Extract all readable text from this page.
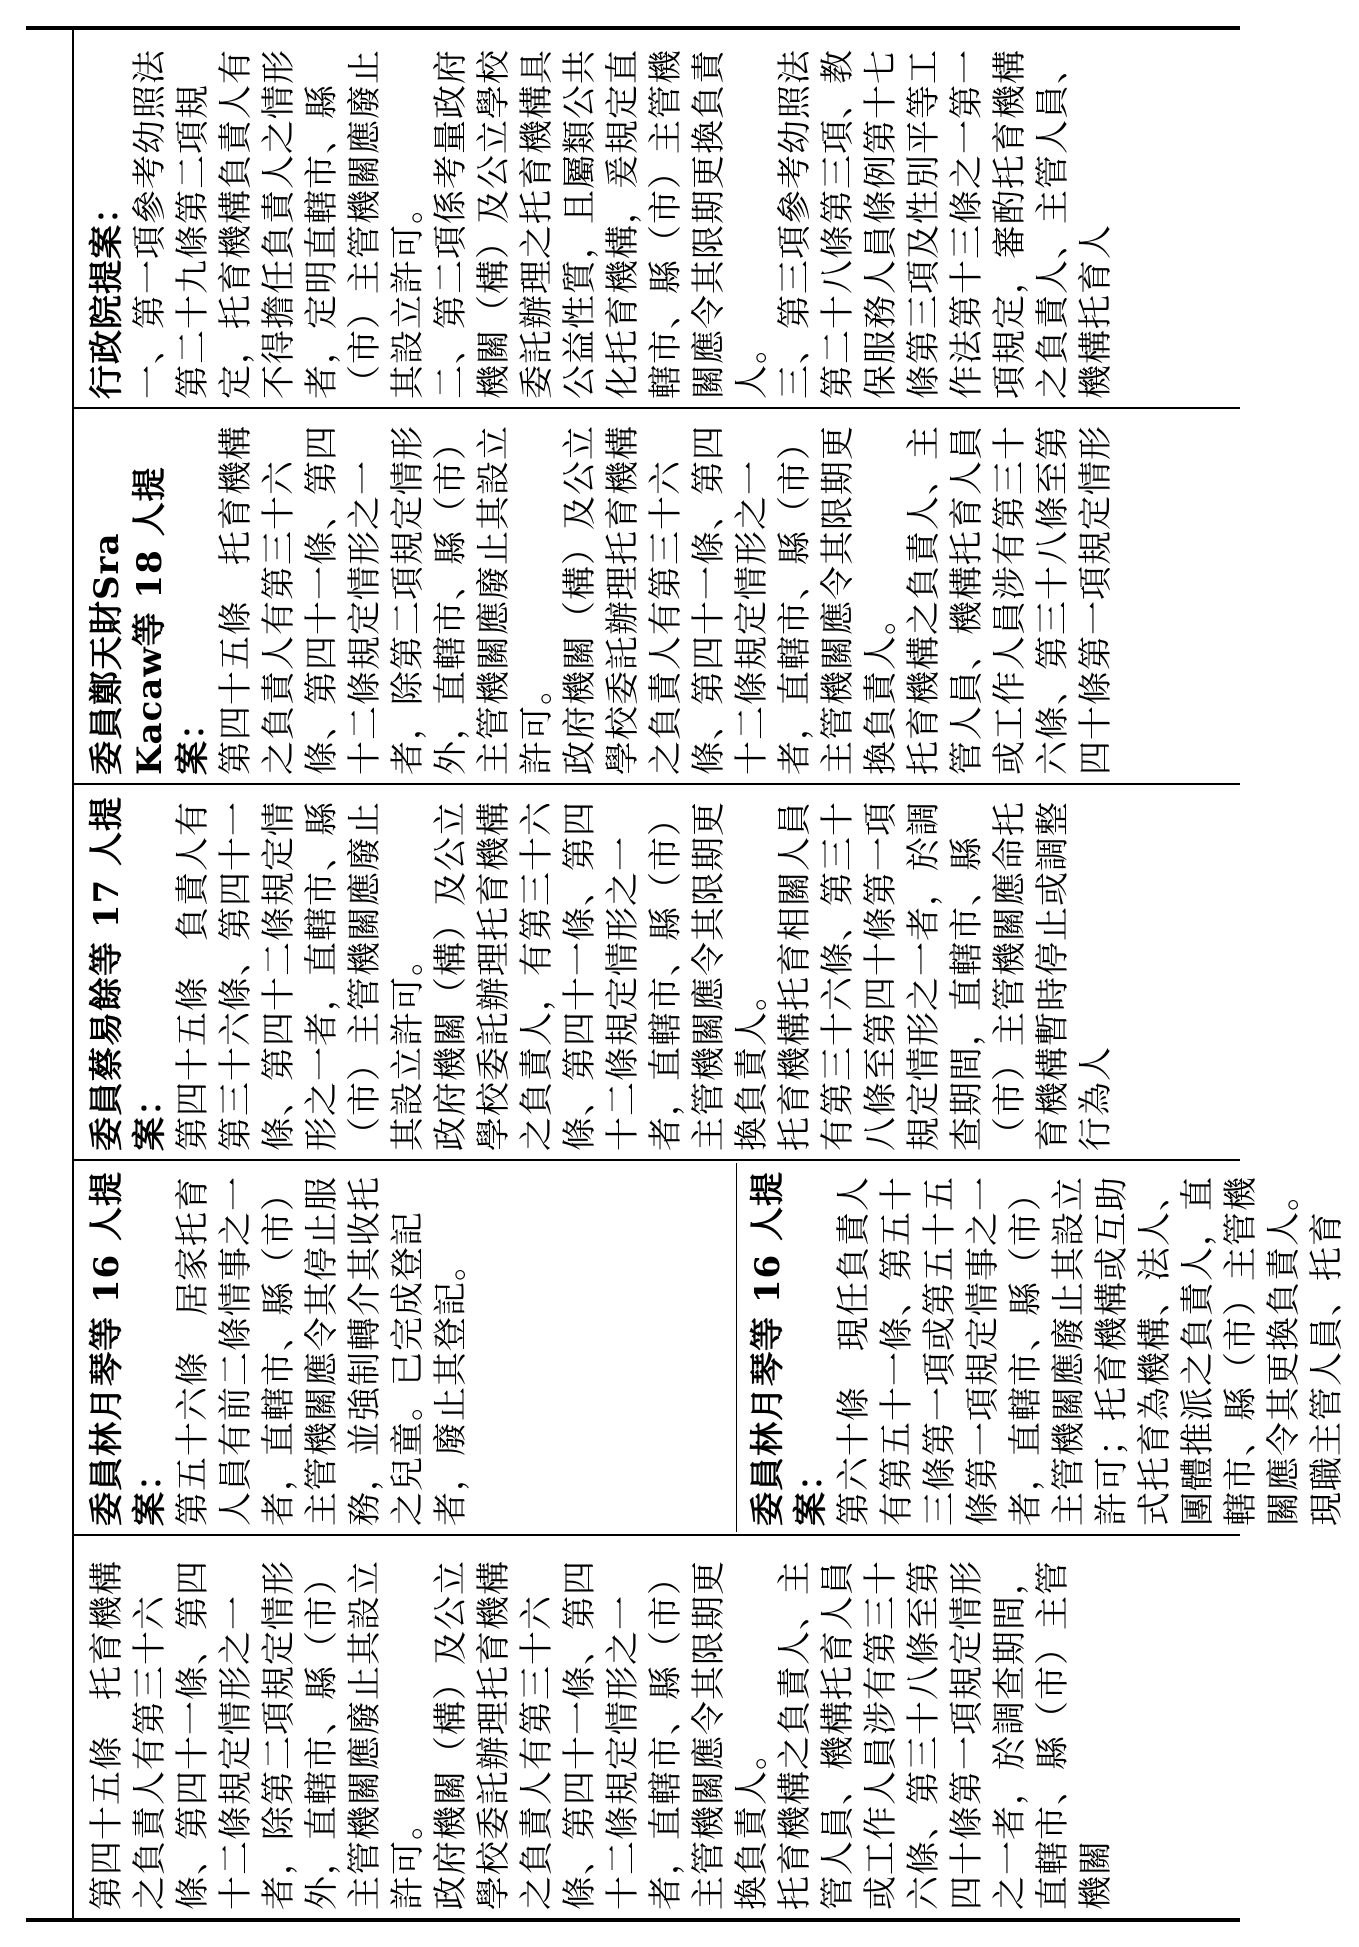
行政院提案： 一、第一項參考幼照法第二十九條第二項規定，托育機構負責人有不得擔任負責人之情形者，定明直轄市、縣（市）主管機關應廢止其設立許可。 二、第二項係考量政府機關（構）及公立學校委託辦理之托育機構具公益性質，且屬類公共化托育機構，爰規定直轄市、縣（市）主管機關應令其限期更換負責人。 三、第三項參考幼照法第二十八條第三項、教保服務人員條例第十七條第三項及性別平等工作法第十三條之一第一項規定，審酌托育機構之負責人、主管人員、機構托育人
委員鄭天財Sra Kacaw等 18 人提案： 第四十五條　托育機構之負責人有第三十六條、第四十一條、第四十二條規定情形之一者，除第二項規定情形外，直轄市、縣（市）主管機關應廢止其設立許可。 政府機關（構）及公立學校委託辦理托育機構之負責人有第三十六條、第四十一條、第四十二條規定情形之一者，直轄市、縣（市）主管機關應令其限期更換負責人。 托育機構之負責人、主管人員、機構托育人員或工作人員涉有第三十六條、第三十八條至第四十條第一項規定情形
委員蔡易餘等 17 人提案： 第四十五條　負責人有第三十六條、第四十一條、第四十二條規定情形之一者，直轄市、縣（市）主管機關應廢止其設立許可。 政府機關（構）及公立學校委託辦理托育機構之負責人，有第三十六條、第四十一條、第四十二條規定情形之一者，直轄市、縣（市）主管機關應令其限期更換負責人。 托育機構托育相關人員有第三十六條、第三十八條至第四十條第一項規定情形之一者，於調查期間，直轄市、縣（市）主管機關應命托育機構暫時停止或調整行為人
委員林月琴等 16 人提案： 第五十六條　居家托育人員有前二條情事之一者，直轄市、縣（市）主管機關應令其停止服務，並強制轉介其收托之兒童。已完成登記者，廢止其登記。	委員林月琴等 16 人提案： 第六十條　現任負責人有第五十一條、第五十三條第一項或第五十五條第一項規定情事之一者，直轄市、縣（市）主管機關應廢止其設立許可；托育機構或互助式托育為機構、法人、團體推派之負責人，直轄市、縣（市）主管機關應令其更換負責人。 現職主管人員、托育
第四十五條　托育機構之負責人有第三十六條、第四十一條、第四十二條規定情形之一者，除第二項規定情形外，直轄市、縣（市）主管機關應廢止其設立許可。 政府機關（構）及公立學校委託辦理托育機構之負責人有第三十六條、第四十一條、第四十二條規定情形之一者，直轄市、縣（市）主管機關應令其限期更換負責人。 托育機構之負責人、主管人員、機構托育人員或工作人員涉有第三十六條、第三十八條至第四十條第一項規定情形之一者，於調查期間，直轄市、縣（市）主管機關
